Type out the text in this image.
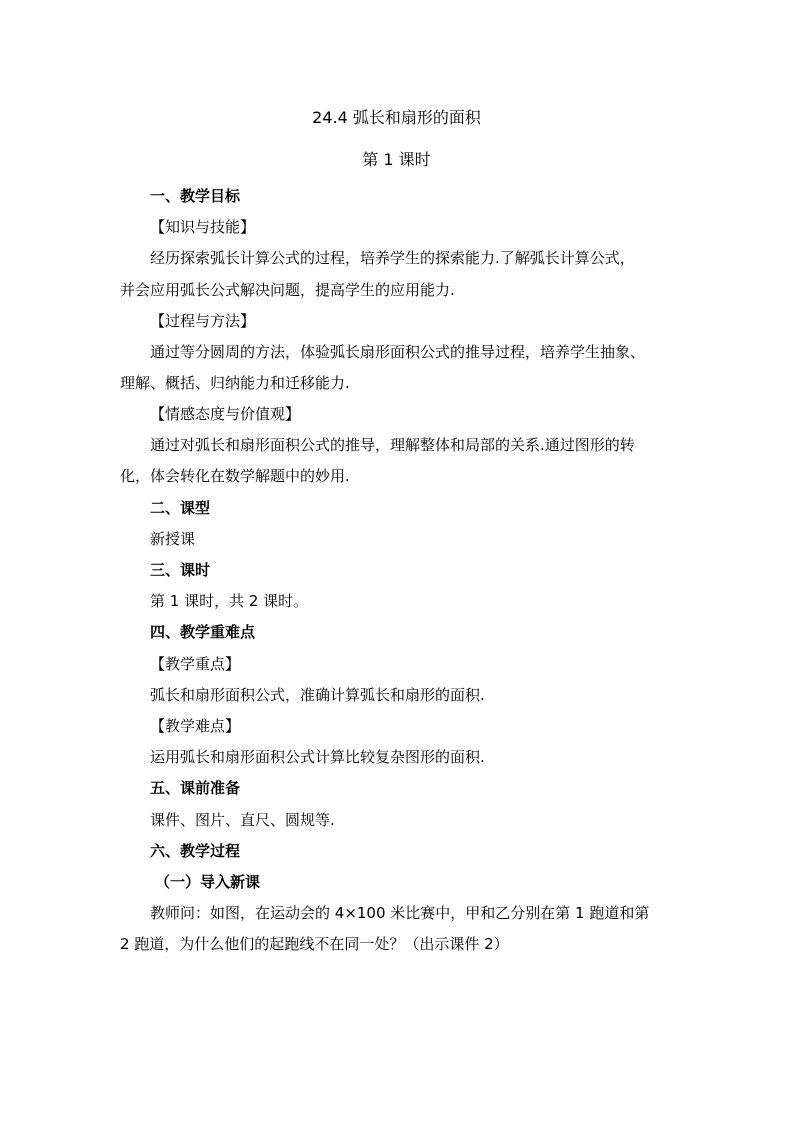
24.4 弧长和扇形的面积
第 1 课时
一、教学目标
【知识与技能】
经历探索弧长计算公式的过程，培养学生的探索能力.了解弧长计算公式，
并会应用弧长公式解决问题，提高学生的应用能力.
【过程与方法】
通过等分圆周的方法，体验弧长扇形面积公式的推导过程，培养学生抽象、
理解、概括、归纳能力和迁移能力.
【情感态度与价值观】
通过对弧长和扇形面积公式的推导，理解整体和局部的关系.通过图形的转
化，体会转化在数学解题中的妙用.
二、课型
新授课
三、课时
第 1 课时，共 2 课时。
四、教学重难点
【教学重点】
弧长和扇形面积公式，准确计算弧长和扇形的面积.
【教学难点】
运用弧长和扇形面积公式计算比较复杂图形的面积.
五、课前准备
课件、图片、直尺、圆规等.
六、教学过程
（一）导入新课
教师问：如图，在运动会的 4×100 米比赛中，甲和乙分别在第 1 跑道和第
2 跑道，为什么他们的起跑线不在同一处？（出示课件 2）
